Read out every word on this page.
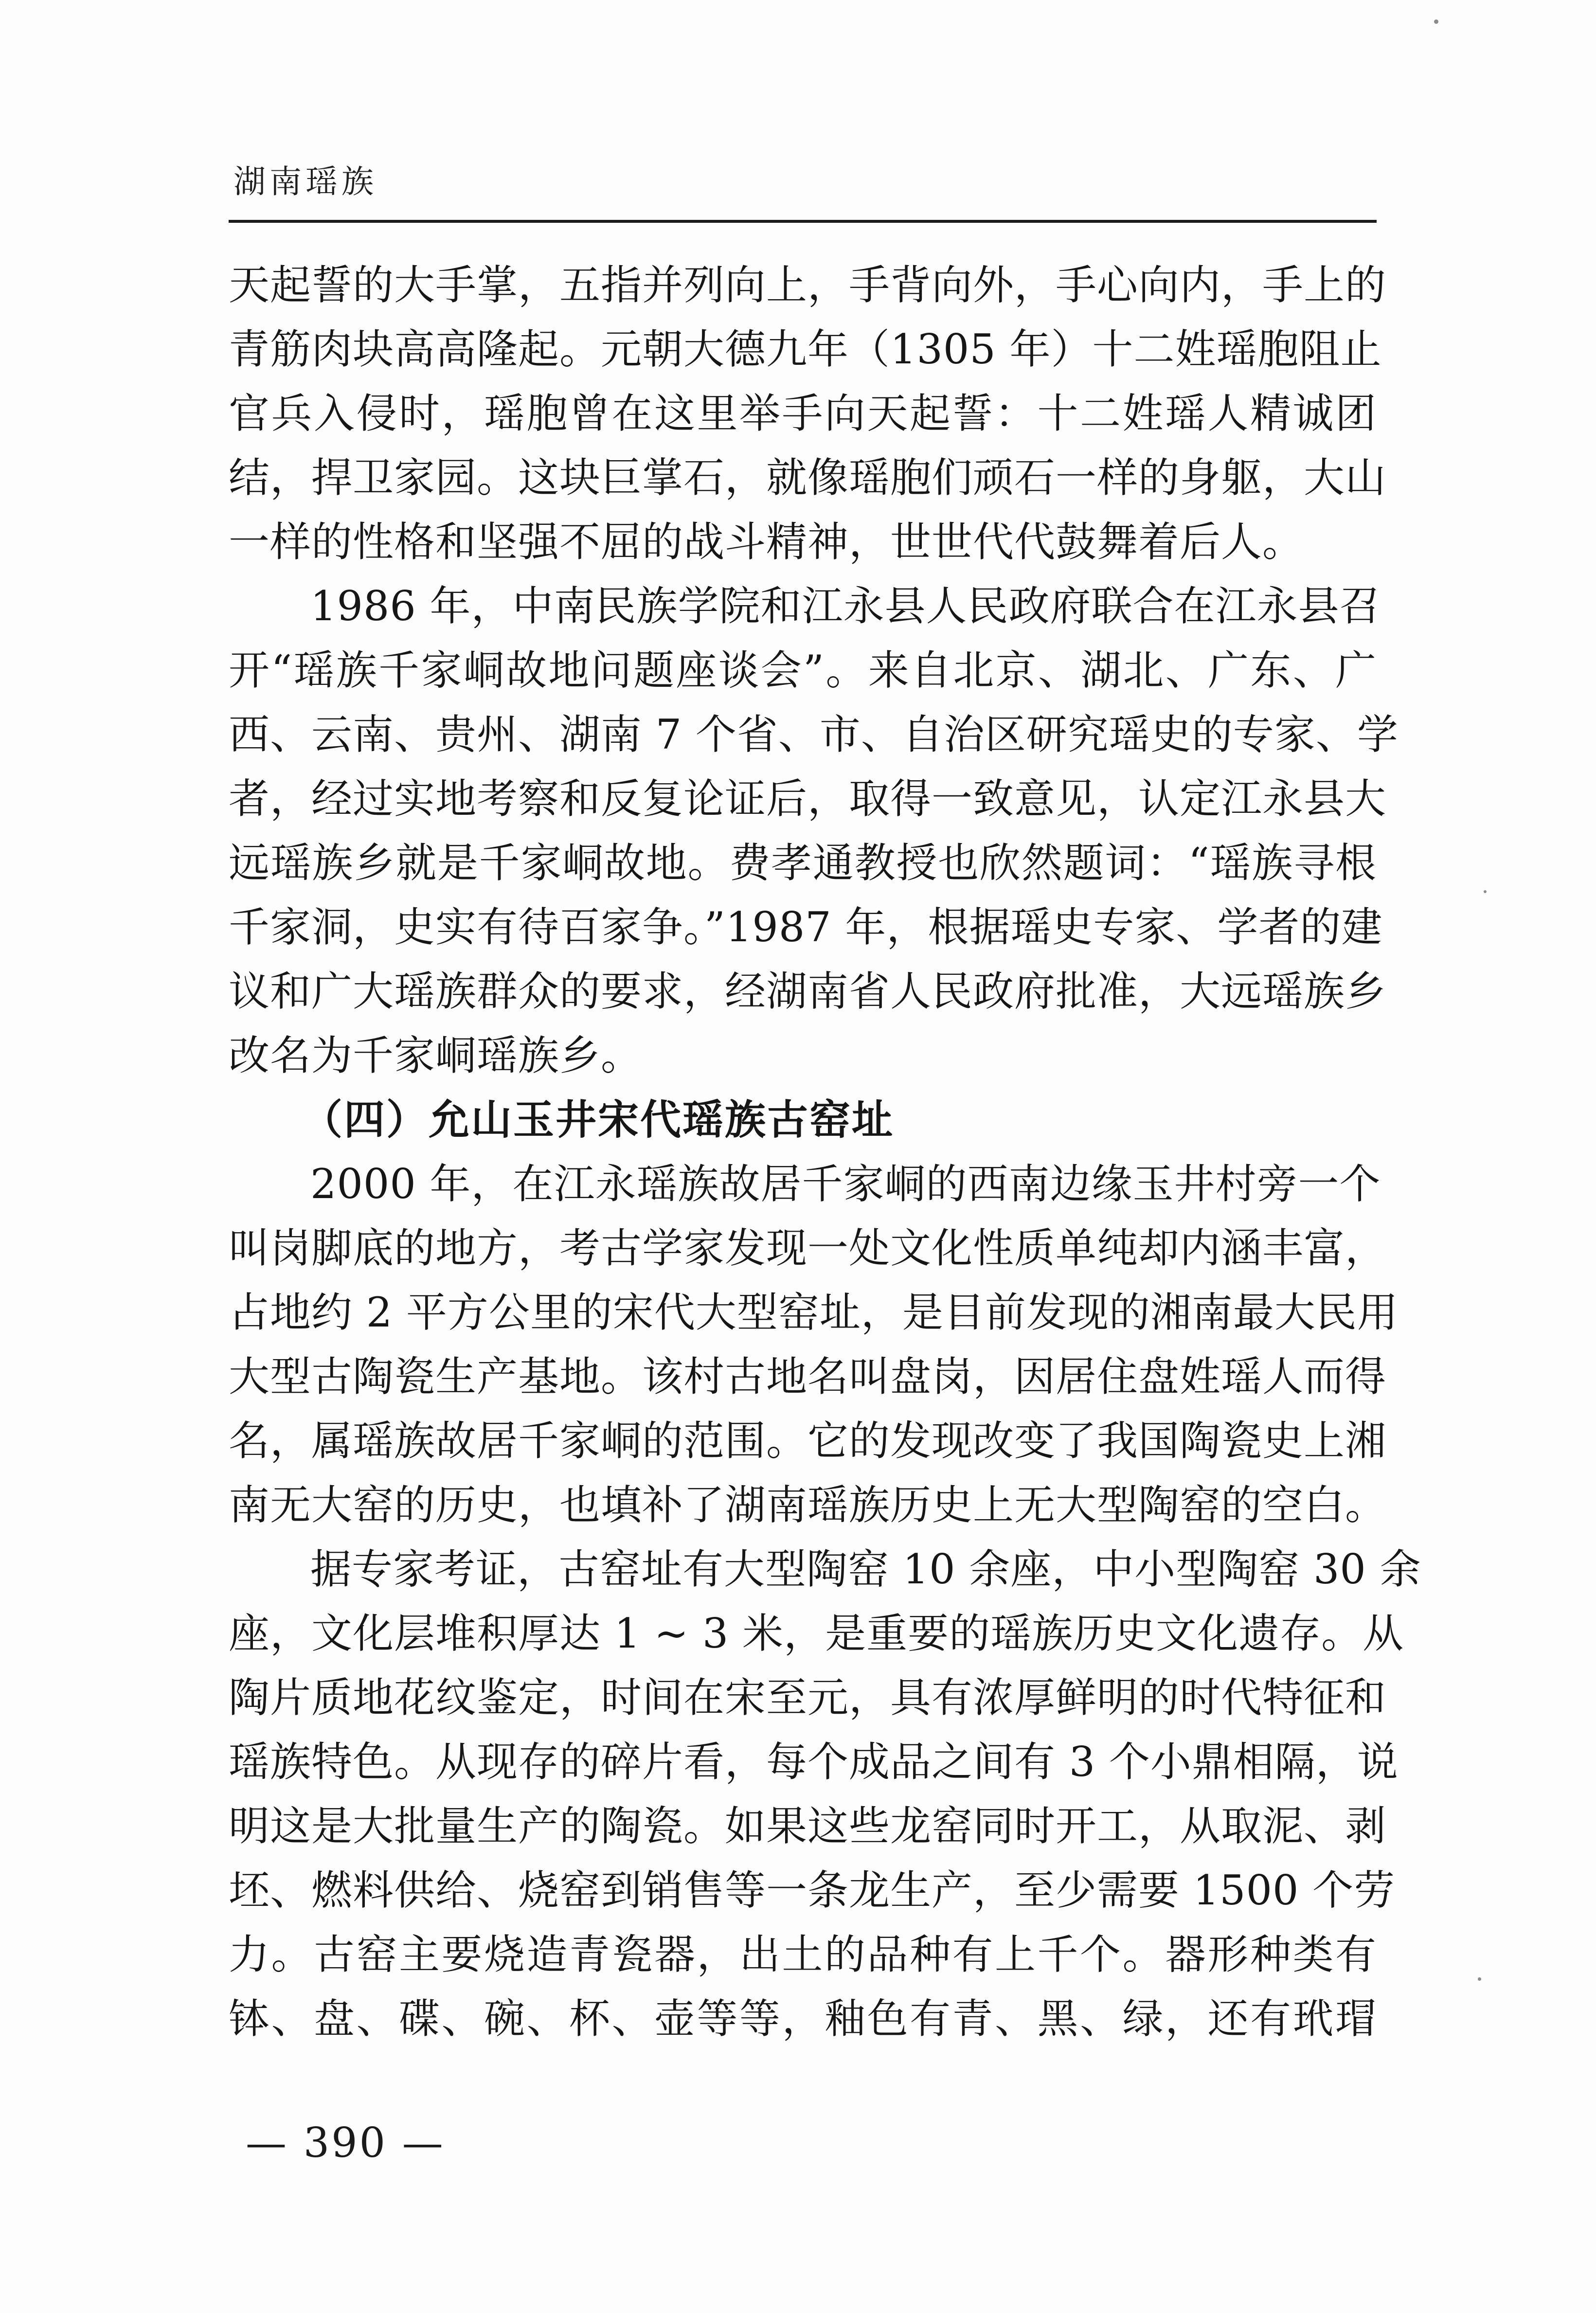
湖南瑶族
天起誓的大手掌，五指并列向上，手背向外，手心向内，手上的
青筋肉块高高隆起。元朝大德九年（1305 年）十二姓瑶胞阻止
官兵入侵时，瑶胞曾在这里举手向天起誓：十二姓瑶人精诚团
结，捍卫家园。这块巨掌石，就像瑶胞们顽石一样的身躯，大山
一样的性格和坚强不屈的战斗精神，世世代代鼓舞着后人。
1986 年，中南民族学院和江永县人民政府联合在江永县召
开“瑶族千家峒故地问题座谈会”。来自北京、湖北、广东、广
西、云南、贵州、湖南 7 个省、市、自治区研究瑶史的专家、学
者，经过实地考察和反复论证后，取得一致意见，认定江永县大
远瑶族乡就是千家峒故地。费孝通教授也欣然题词：“瑶族寻根
千家洞，史实有待百家争。”1987 年，根据瑶史专家、学者的建
议和广大瑶族群众的要求，经湖南省人民政府批准，大远瑶族乡
改名为千家峒瑶族乡。
（四）允山玉井宋代瑶族古窑址
2000 年，在江永瑶族故居千家峒的西南边缘玉井村旁一个
叫岗脚底的地方，考古学家发现一处文化性质单纯却内涵丰富，
占地约 2 平方公里的宋代大型窑址，是目前发现的湘南最大民用
大型古陶瓷生产基地。该村古地名叫盘岗，因居住盘姓瑶人而得
名，属瑶族故居千家峒的范围。它的发现改变了我国陶瓷史上湘
南无大窑的历史，也填补了湖南瑶族历史上无大型陶窑的空白。
据专家考证，古窑址有大型陶窑 10 余座，中小型陶窑 30 余
座，文化层堆积厚达 1 ~ 3 米，是重要的瑶族历史文化遗存。从
陶片质地花纹鉴定，时间在宋至元，具有浓厚鲜明的时代特征和
瑶族特色。从现存的碎片看，每个成品之间有 3 个小鼎相隔，说
明这是大批量生产的陶瓷。如果这些龙窑同时开工，从取泥、剥
坯、燃料供给、烧窑到销售等一条龙生产，至少需要 1500 个劳
力。古窑主要烧造青瓷器，出土的品种有上千个。器形种类有
钵、盘、碟、碗、杯、壶等等，釉色有青、黑、绿，还有玳瑁
— 390 —
